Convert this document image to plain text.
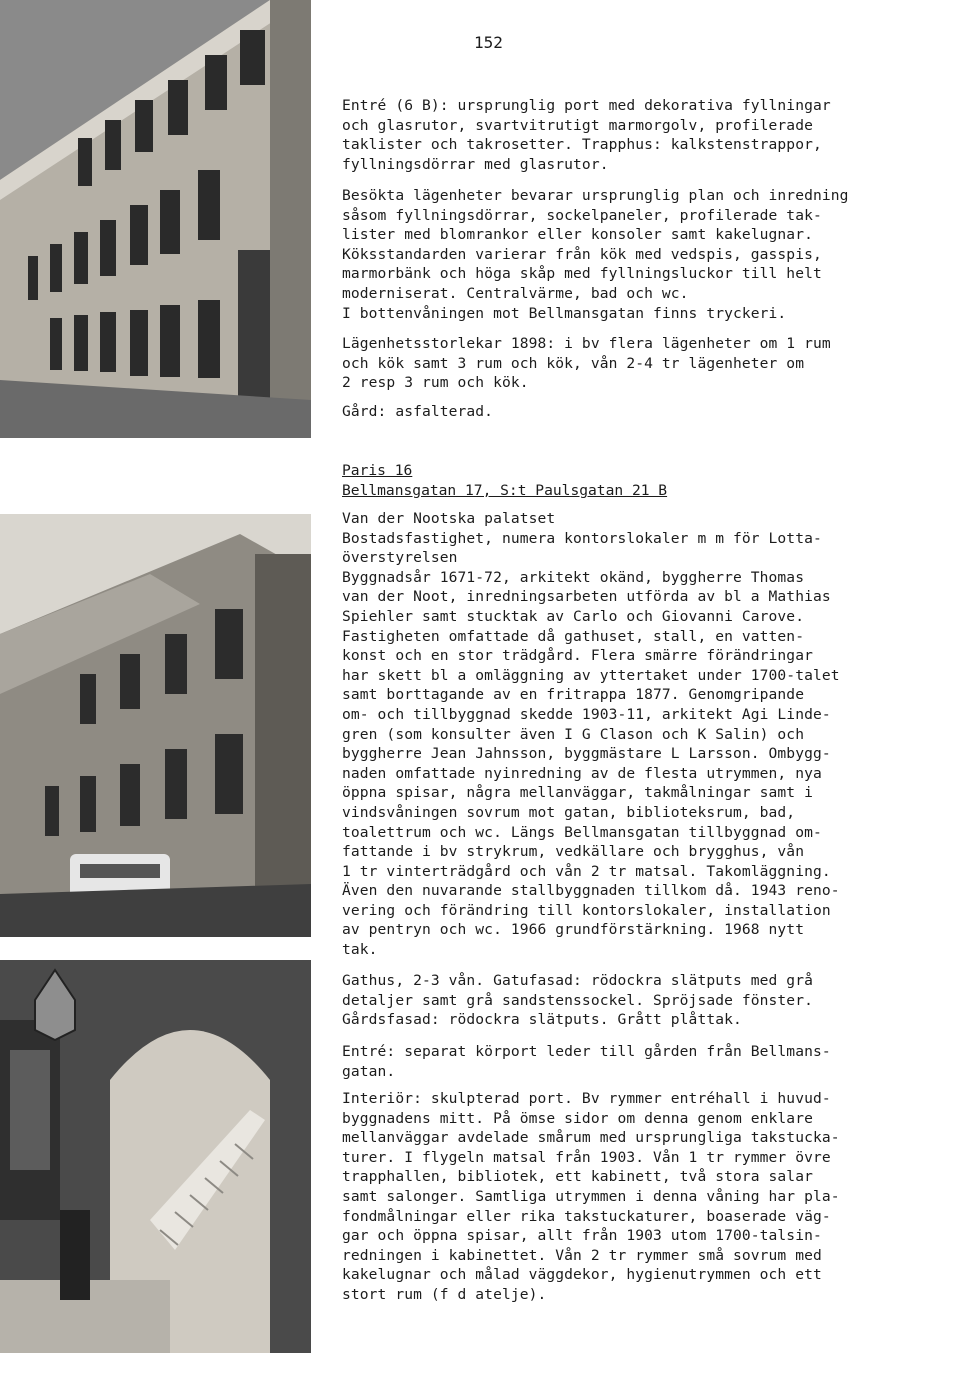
152
Entré (6 B): ursprunglig port med dekorativa fyllningar
och glasrutor, svartvitrutigt marmorgolv, profilerade
taklister och takrosetter. Trapphus: kalkstenstrappor,
fyllningsdörrar med glasrutor.
Besökta lägenheter bevarar ursprunglig plan och inredning
såsom fyllningsdörrar, sockelpaneler, profilerade tak-
lister med blomrankor eller konsoler samt kakelugnar.
Köksstandarden varierar från kök med vedspis, gasspis,
marmorbänk och höga skåp med fyllningsluckor till helt
moderniserat. Centralvärme, bad och wc.
I bottenvåningen mot Bellmansgatan finns tryckeri.
Lägenhetsstorlekar 1898: i bv flera lägenheter om 1 rum
och kök samt 3 rum och kök, vån 2-4 tr lägenheter om
2 resp 3 rum och kök.
Gård: asfalterad.
Paris 16
Bellmansgatan 17, S:t Paulsgatan 21 B
Van der Nootska palatset
Bostadsfastighet, numera kontorslokaler m m för Lotta-
överstyrelsen
Byggnadsår 1671-72, arkitekt okänd, byggherre Thomas
van der Noot, inredningsarbeten utförda av bl a Mathias
Spiehler samt stucktak av Carlo och Giovanni Carove.
Fastigheten omfattade då gathuset, stall, en vatten-
konst och en stor trädgård. Flera smärre förändringar
har skett bl a omläggning av yttertaket under 1700-talet
samt borttagande av en fritrappa 1877. Genomgripande
om- och tillbyggnad skedde 1903-11, arkitekt Agi Linde-
gren (som konsulter även I G Clason och K Salin) och
byggherre Jean Jahnsson, byggmästare L Larsson. Ombygg-
naden omfattade nyinredning av de flesta utrymmen, nya
öppna spisar, några mellanväggar, takmålningar samt i
vindsvåningen sovrum mot gatan, biblioteksrum, bad,
toalettrum och wc. Längs Bellmansgatan tillbyggnad om-
fattande i bv strykrum, vedkällare och brygghus, vån
1 tr vinterträdgård och vån 2 tr matsal. Takomläggning.
Även den nuvarande stallbyggnaden tillkom då. 1943 reno-
vering och förändring till kontorslokaler, installation
av pentryn och wc. 1966 grundförstärkning. 1968 nytt
tak.
Gathus, 2-3 vån. Gatufasad: rödockra slätputs med grå
detaljer samt grå sandstenssockel. Spröjsade fönster.
Gårdsfasad: rödockra slätputs. Grått plåttak.
Entré: separat körport leder till gården från Bellmans-
gatan.
Interiör: skulpterad port. Bv rymmer entréhall i huvud-
byggnadens mitt. På ömse sidor om denna genom enklare
mellanväggar avdelade smårum med ursprungliga takstucka-
turer. I flygeln matsal från 1903. Vån 1 tr rymmer övre
trapphallen, bibliotek, ett kabinett, två stora salar
samt salonger. Samtliga utrymmen i denna våning har pla-
fondmålningar eller rika takstuckaturer, boaserade väg-
gar och öppna spisar, allt från 1903 utom 1700-talsin-
redningen i kabinettet. Vån 2 tr rymmer små sovrum med
kakelugnar och målad väggdekor, hygienutrymmen och ett
stort rum (f d atelje).
